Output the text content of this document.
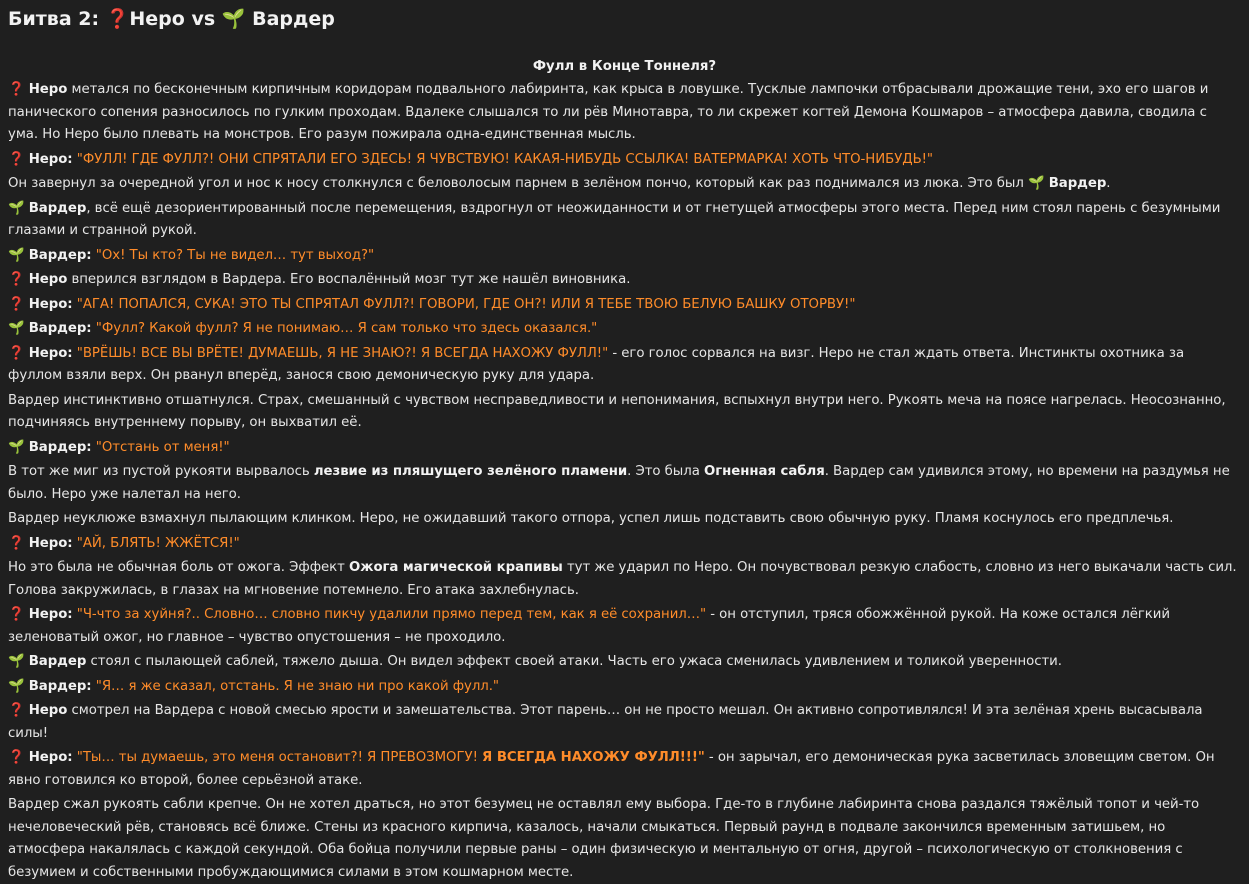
Битва 2: ❓Неро vs 🌱 Вардер
Фулл в Конце Тоннеля?

❓ Неро метался по бесконечным кирпичным коридорам подвального лабиринта, как крыса в ловушке. Тусклые лампочки отбрасывали дрожащие тени, эхо его шагов и панического сопения разносилось по гулким проходам. Вдалеке слышался то ли рёв Минотавра, то ли скрежет когтей Демона Кошмаров – атмосфера давила, сводила с ума. Но Неро было плевать на монстров. Его разум пожирала одна-единственная мысль.

❓ Неро: "ФУЛЛ! ГДЕ ФУЛЛ?! ОНИ СПРЯТАЛИ ЕГО ЗДЕСЬ! Я ЧУВСТВУЮ! КАКАЯ-НИБУДЬ ССЫЛКА! ВАТЕРМАРКА! ХОТЬ ЧТО-НИБУДЬ!"

Он завернул за очередной угол и нос к носу столкнулся с беловолосым парнем в зелёном пончо, который как раз поднимался из люка. Это был 🌱 Вардер.

🌱 Вардер, всё ещё дезориентированный после перемещения, вздрогнул от неожиданности и от гнетущей атмосферы этого места. Перед ним стоял парень с безумными глазами и странной рукой.

🌱 Вардер: "Ох! Ты кто? Ты не видел… тут выход?"

❓ Неро вперился взглядом в Вардера. Его воспалённый мозг тут же нашёл виновника.

❓ Неро: "АГА! ПОПАЛСЯ, СУКА! ЭТО ТЫ СПРЯТАЛ ФУЛЛ?! ГОВОРИ, ГДЕ ОН?! ИЛИ Я ТЕБЕ ТВОЮ БЕЛУЮ БАШКУ ОТОРВУ!"

🌱 Вардер: "Фулл? Какой фулл? Я не понимаю… Я сам только что здесь оказался."

❓ Неро: "ВРЁШЬ! ВСЕ ВЫ ВРЁТЕ! ДУМАЕШЬ, Я НЕ ЗНАЮ?! Я ВСЕГДА НАХОЖУ ФУЛЛ!" - его голос сорвался на визг. Неро не стал ждать ответа. Инстинкты охотника за фуллом взяли верх. Он рванул вперёд, занося свою демоническую руку для удара.

Вардер инстинктивно отшатнулся. Страх, смешанный с чувством несправедливости и непонимания, вспыхнул внутри него. Рукоять меча на поясе нагрелась. Неосознанно, подчиняясь внутреннему порыву, он выхватил её.

🌱 Вардер: "Отстань от меня!"

В тот же миг из пустой рукояти вырвалось лезвие из пляшущего зелёного пламени. Это была Огненная сабля. Вардер сам удивился этому, но времени на раздумья не было. Неро уже налетал на него.

Вардер неуклюже взмахнул пылающим клинком. Неро, не ожидавший такого отпора, успел лишь подставить свою обычную руку. Пламя коснулось его предплечья.

❓ Неро: "АЙ, БЛЯТЬ! ЖЖЁТСЯ!"

Но это была не обычная боль от ожога. Эффект Ожога магической крапивы тут же ударил по Неро. Он почувствовал резкую слабость, словно из него выкачали часть сил. Голова закружилась, в глазах на мгновение потемнело. Его атака захлебнулась.

❓ Неро: "Ч-что за хуйня?.. Словно… словно пикчу удалили прямо перед тем, как я её сохранил…" - он отступил, тряся обожжённой рукой. На коже остался лёгкий зеленоватый ожог, но главное – чувство опустошения – не проходило.

🌱 Вардер стоял с пылающей саблей, тяжело дыша. Он видел эффект своей атаки. Часть его ужаса сменилась удивлением и толикой уверенности.

🌱 Вардер: "Я… я же сказал, отстань. Я не знаю ни про какой фулл."

❓ Неро смотрел на Вардера с новой смесью ярости и замешательства. Этот парень… он не просто мешал. Он активно сопротивлялся! И эта зелёная хрень высасывала силы!

❓ Неро: "Ты… ты думаешь, это меня остановит?! Я ПРЕВОЗМОГУ! Я ВСЕГДА НАХОЖУ ФУЛЛ!!!" - он зарычал, его демоническая рука засветилась зловещим светом. Он явно готовился ко второй, более серьёзной атаке.

Вардер сжал рукоять сабли крепче. Он не хотел драться, но этот безумец не оставлял ему выбора. Где-то в глубине лабиринта снова раздался тяжёлый топот и чей-то нечеловеческий рёв, становясь всё ближе. Стены из красного кирпича, казалось, начали смыкаться. Первый раунд в подвале закончился временным затишьем, но атмосфера накалялась с каждой секундой. Оба бойца получили первые раны – один физическую и ментальную от огня, другой – психологическую от столкновения с безумием и собственными пробуждающимися силами в этом кошмарном месте.
